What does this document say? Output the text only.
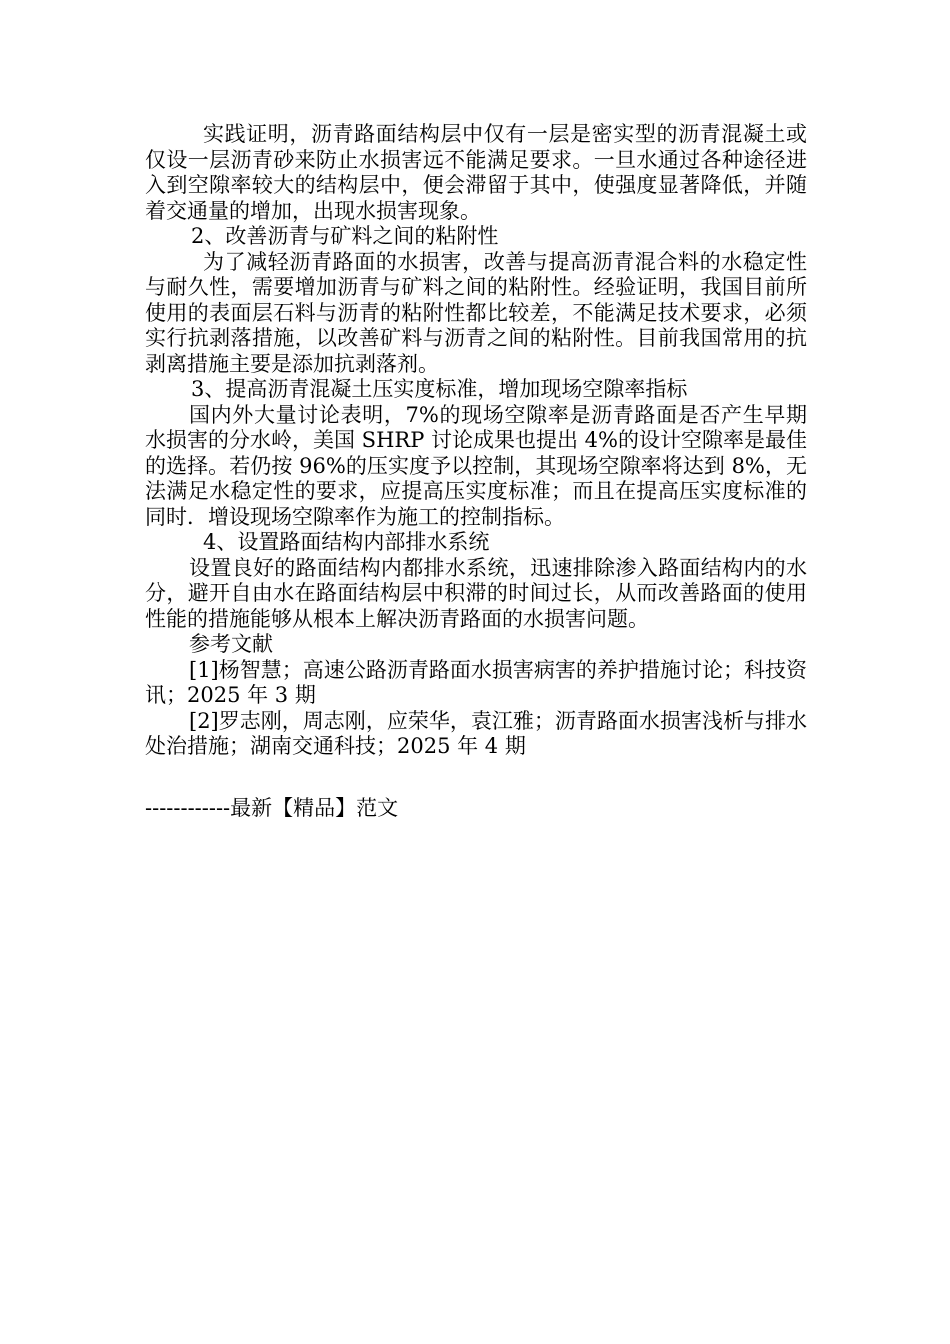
实践证明，沥青路面结构层中仅有一层是密实型的沥青混凝土或仅设一层沥青砂来防止水损害远不能满足要求。一旦水通过各种途径进入到空隙率较大的结构层中，便会滞留于其中，使强度显著降低，并随着交通量的增加，出现水损害现象。

2、改善沥青与矿料之间的粘附性

为了减轻沥青路面的水损害，改善与提高沥青混合料的水稳定性与耐久性，需要增加沥青与矿料之间的粘附性。经验证明，我国目前所使用的表面层石料与沥青的粘附性都比较差，不能满足技术要求，必须实行抗剥落措施，以改善矿料与沥青之间的粘附性。目前我国常用的抗剥离措施主要是添加抗剥落剂。

3、提高沥青混凝土压实度标准，增加现场空隙率指标

国内外大量讨论表明，7%的现场空隙率是沥青路面是否产生早期水损害的分水岭，美国 SHRP 讨论成果也提出 4%的设计空隙率是最佳的选择。若仍按 96%的压实度予以控制，其现场空隙率将达到 8%，无法满足水稳定性的要求，应提高压实度标准；而且在提高压实度标准的同时．增设现场空隙率作为施工的控制指标。

4、设置路面结构内部排水系统

设置良好的路面结构内都排水系统，迅速排除渗入路面结构内的水分，避开自由水在路面结构层中积滞的时间过长，从而改善路面的使用性能的措施能够从根本上解决沥青路面的水损害问题。

参考文献

[1]杨智慧；高速公路沥青路面水损害病害的养护措施讨论；科技资讯；2025 年 3 期

[2]罗志刚，周志刚，应荣华，袁江雅；沥青路面水损害浅析与排水处治措施；湖南交通科技；2025 年 4 期

------------最新【精品】范文
